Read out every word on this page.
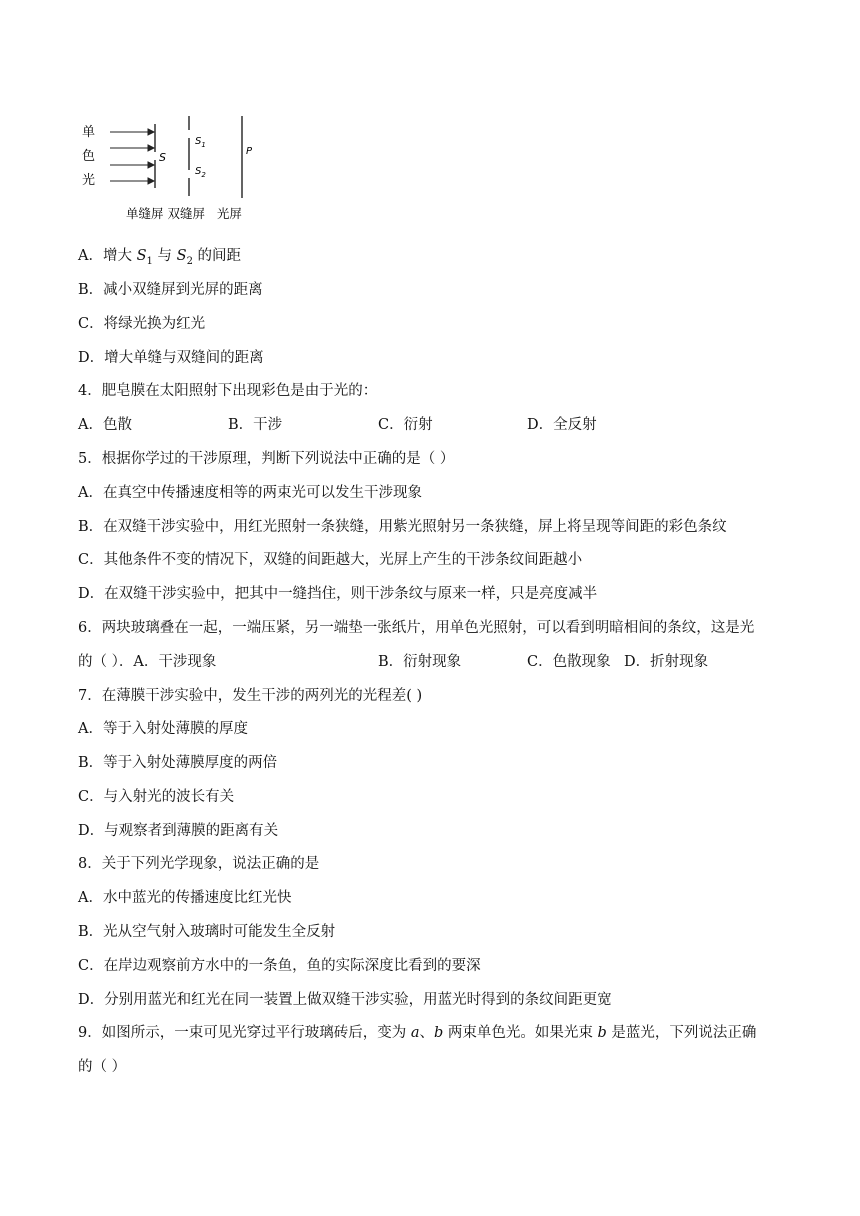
单
色
光
S
$S_1$
$S_2$
P
单缝屏 双缝屏   光屏
A．增大 $S_1$ 与 $S_2$ 的间距
B．减小双缝屏到光屏的距离
C．将绿光换为红光
D．增大单缝与双缝间的距离
4．肥皂膜在太阳照射下出现彩色是由于光的：
A．色散	B．干涉	C．衍射	D．全反射
5．根据你学过的干涉原理，判断下列说法中正确的是（ ）
A．在真空中传播速度相等的两束光可以发生干涉现象
B．在双缝干涉实验中，用红光照射一条狭缝，用紫光照射另一条狭缝，屏上将呈现等间距的彩色条纹
C．其他条件不变的情况下，双缝的间距越大，光屏上产生的干涉条纹间距越小
D．在双缝干涉实验中，把其中一缝挡住，则干涉条纹与原来一样，只是亮度减半
6．两块玻璃叠在一起，一端压紧，另一端垫一张纸片，用单色光照射，可以看到明暗相间的条纹，这是光
的（ ）．A．干涉现象	B．衍射现象	C．色散现象 D．折射现象
7．在薄膜干涉实验中，发生干涉的两列光的光程差( )
A．等于入射处薄膜的厚度
B．等于入射处薄膜厚度的两倍
C．与入射光的波长有关
D．与观察者到薄膜的距离有关
8．关于下列光学现象，说法正确的是
A．水中蓝光的传播速度比红光快
B．光从空气射入玻璃时可能发生全反射
C．在岸边观察前方水中的一条鱼，鱼的实际深度比看到的要深
D．分别用蓝光和红光在同一装置上做双缝干涉实验，用蓝光时得到的条纹间距更宽
9．如图所示，一束可见光穿过平行玻璃砖后，变为 a、b 两束单色光。如果光束 b 是蓝光，下列说法正确
的（ ）
